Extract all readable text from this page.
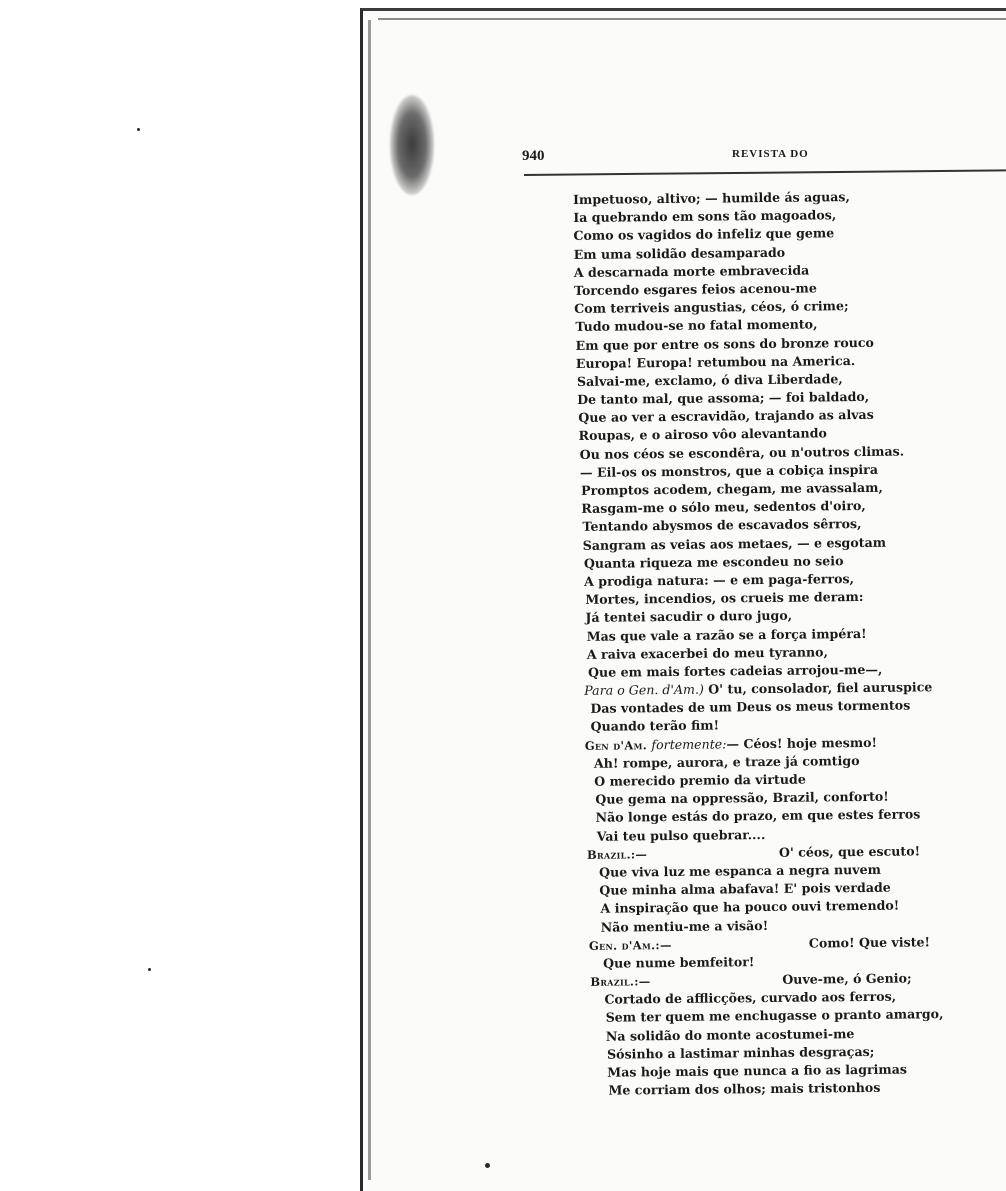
940	REVISTA DO
Impetuoso, altivo; — humilde ás aguas,
Ia quebrando em sons tão magoados,
Como os vagidos do infeliz que geme
Em uma solidão desamparado
A descarnada morte embravecida
Torcendo esgares feios acenou-me
Com terriveis angustias, céos, ó crime;
Tudo mudou-se no fatal momento,
Em que por entre os sons do bronze rouco
Europa! Europa! retumbou na America.
Salvai-me, exclamo, ó diva Liberdade,
De tanto mal, que assoma; — foi baldado,
Que ao ver a escravidão, trajando as alvas
Roupas, e o airoso vôo alevantando
Ou nos céos se escondêra, ou n'outros climas.
— Eil-os os monstros, que a cobiça inspira
Promptos acodem, chegam, me avassalam,
Rasgam-me o sólo meu, sedentos d'oiro,
Tentando abysmos de escavados sêrros,
Sangram as veias aos metaes, — e esgotam
Quanta riqueza me escondeu no seio
A prodiga natura: — e em paga-ferros,
Mortes, incendios, os crueis me deram:
Já tentei sacudir o duro jugo,
Mas que vale a razão se a força impéra!
A raiva exacerbei do meu tyranno,
Que em mais fortes cadeias arrojou-me—,
Para o Gen. d'Am.) O' tu, consolador, fiel auruspice
Das vontades de um Deus os meus tormentos
Quando terão fim!
Gen d'Am. fortemente:— Céos! hoje mesmo!
Ah! rompe, aurora, e traze já comtigo
O merecido premio da virtude
Que gema na oppressão, Brazil, conforto!
Não longe estás do prazo, em que estes ferros
Vai teu pulso quebrar....
Brazil.:—	O' céos, que escuto!
Que viva luz me espanca a negra nuvem
Que minha alma abafava! E' pois verdade
A inspiração que ha pouco ouvi tremendo!
Não mentiu-me a visão!
Gen. d'Am.:—	Como! Que viste!
Que nume bemfeitor!
Brazil.:—	Ouve-me, ó Genio;
Cortado de afflicções, curvado aos ferros,
Sem ter quem me enchugasse o pranto amargo,
Na solidão do monte acostumei-me
Sósinho a lastimar minhas desgraças;
Mas hoje mais que nunca a fio as lagrimas
Me corriam dos olhos; mais tristonhos
